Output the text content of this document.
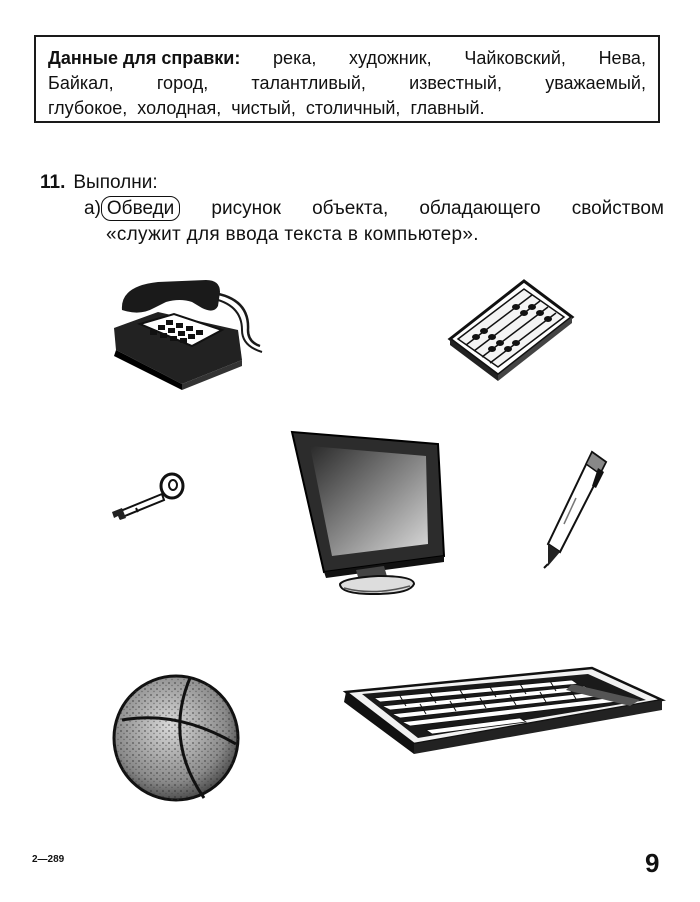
Данные для справки: река, художник, Чайковский, Нева,
Байкал, город, талантливый, известный, уважаемый,
глубокое, холодная, чистый, столичный, главный.
11. Выполни:
а) Обведи	рисунок объекта, обладающего свойством
«служит для ввода текста в компьютер».
2—289	9
